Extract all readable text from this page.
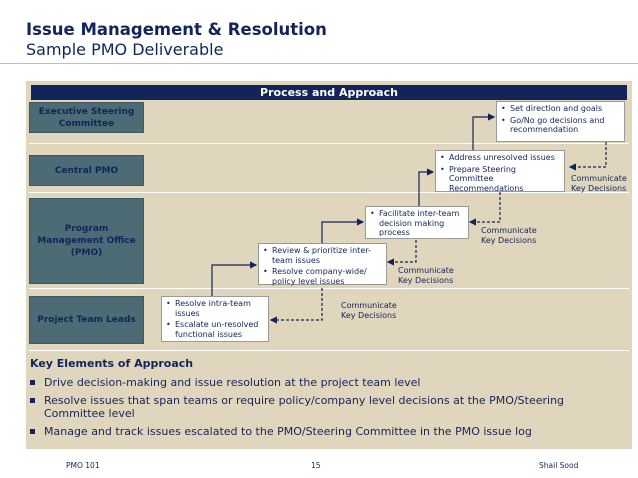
Issue Management & Resolution
Sample PMO Deliverable
Process and Approach
Executive Steering Committee
Central PMO
Program Management Office (PMO)
Project Team Leads
• Set direction and goals
• Go/No go decisions and recommendation
• Address unresolved issues
• Prepare Steering Committee Recommendations
• Facilitate inter-team decision making process
• Review & prioritize inter-team issues
• Resolve company-wide/ policy level issues
• Resolve intra-team issues
• Escalate un-resolved functional issues
Communicate Key Decisions
Communicate Key Decisions
Communicate Key Decisions
Communicate Key Decisions
Key Elements of Approach
Drive decision-making and issue resolution at the project team level
Resolve issues that span teams or require policy/company level decisions at the PMO/Steering Committee level
Manage and track issues escalated to the PMO/Steering Committee in the PMO issue log
PMO 101	15	Shail Sood
